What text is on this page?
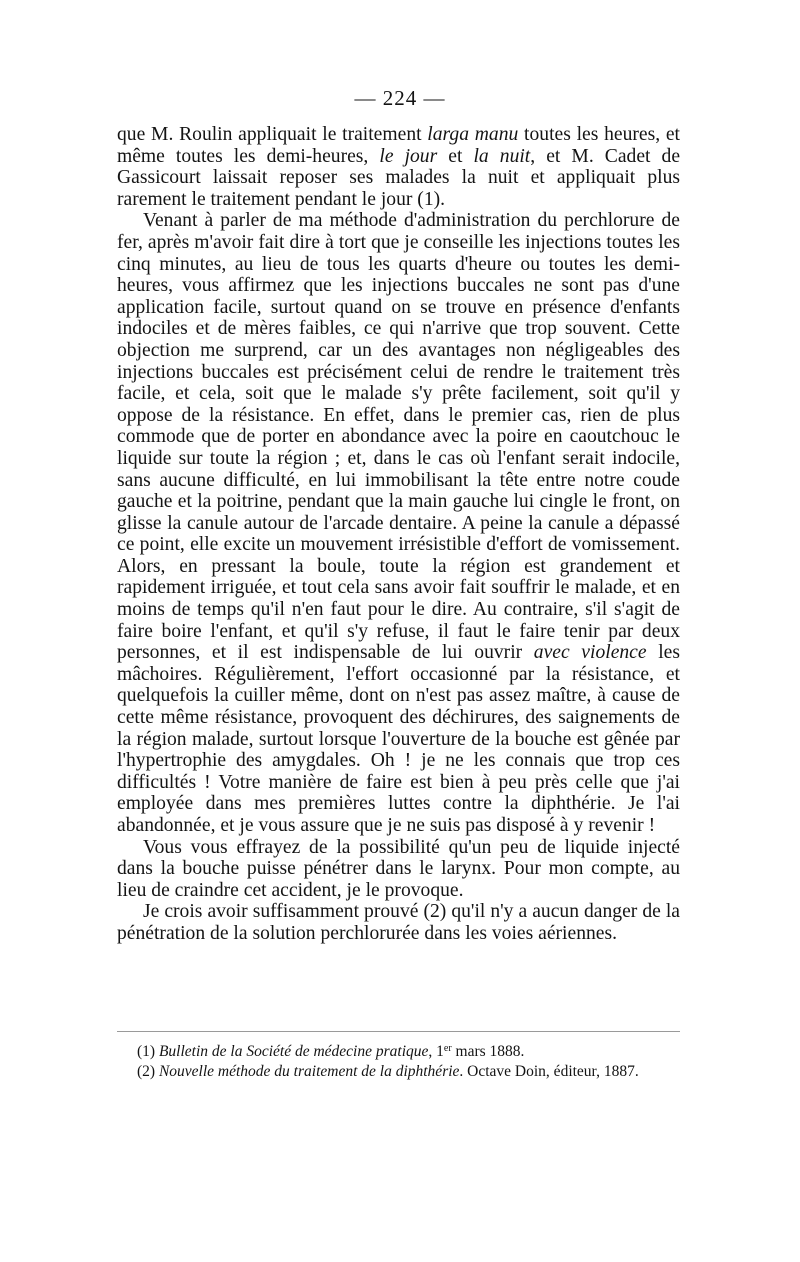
— 224 —

que M. Roulin appliquait le traitement larga manu toutes les heures, et même toutes les demi-heures, le jour et la nuit, et M. Cadet de Gassicourt laissait reposer ses malades la nuit et appliquait plus rarement le traitement pendant le jour (1).

Venant à parler de ma méthode d'administration du perchlorure de fer, après m'avoir fait dire à tort que je conseille les injections toutes les cinq minutes, au lieu de tous les quarts d'heure ou toutes les demi-heures, vous affirmez que les injections buccales ne sont pas d'une application facile, surtout quand on se trouve en présence d'enfants indociles et de mères faibles, ce qui n'arrive que trop souvent. Cette objection me surprend, car un des avantages non négligeables des injections buccales est précisément celui de rendre le traitement très facile, et cela, soit que le malade s'y prête facilement, soit qu'il y oppose de la résistance. En effet, dans le premier cas, rien de plus commode que de porter en abondance avec la poire en caoutchouc le liquide sur toute la région ; et, dans le cas où l'enfant serait indocile, sans aucune difficulté, en lui immobilisant la tête entre notre coude gauche et la poitrine, pendant que la main gauche lui cingle le front, on glisse la canule autour de l'arcade dentaire. A peine la canule a dépassé ce point, elle excite un mouvement irrésistible d'effort de vomissement. Alors, en pressant la boule, toute la région est grandement et rapidement irriguée, et tout cela sans avoir fait souffrir le malade, et en moins de temps qu'il n'en faut pour le dire. Au contraire, s'il s'agit de faire boire l'enfant, et qu'il s'y refuse, il faut le faire tenir par deux personnes, et il est indispensable de lui ouvrir avec violence les mâchoires. Régulièrement, l'effort occasionné par la résistance, et quelquefois la cuiller même, dont on n'est pas assez maître, à cause de cette même résistance, provoquent des déchirures, des saignements de la région malade, surtout lorsque l'ouverture de la bouche est gênée par l'hypertrophie des amygdales. Oh ! je ne les connais que trop ces difficultés ! Votre manière de faire est bien à peu près celle que j'ai employée dans mes premières luttes contre la diphthérie. Je l'ai abandonnée, et je vous assure que je ne suis pas disposé à y revenir !

Vous vous effrayez de la possibilité qu'un peu de liquide injecté dans la bouche puisse pénétrer dans le larynx. Pour mon compte, au lieu de craindre cet accident, je le provoque.

Je crois avoir suffisamment prouvé (2) qu'il n'y a aucun danger de la pénétration de la solution perchlorurée dans les voies aériennes.

(1) Bulletin de la Société de médecine pratique, 1er mars 1888.

(2) Nouvelle méthode du traitement de la diphthérie. Octave Doin, éditeur, 1887.
